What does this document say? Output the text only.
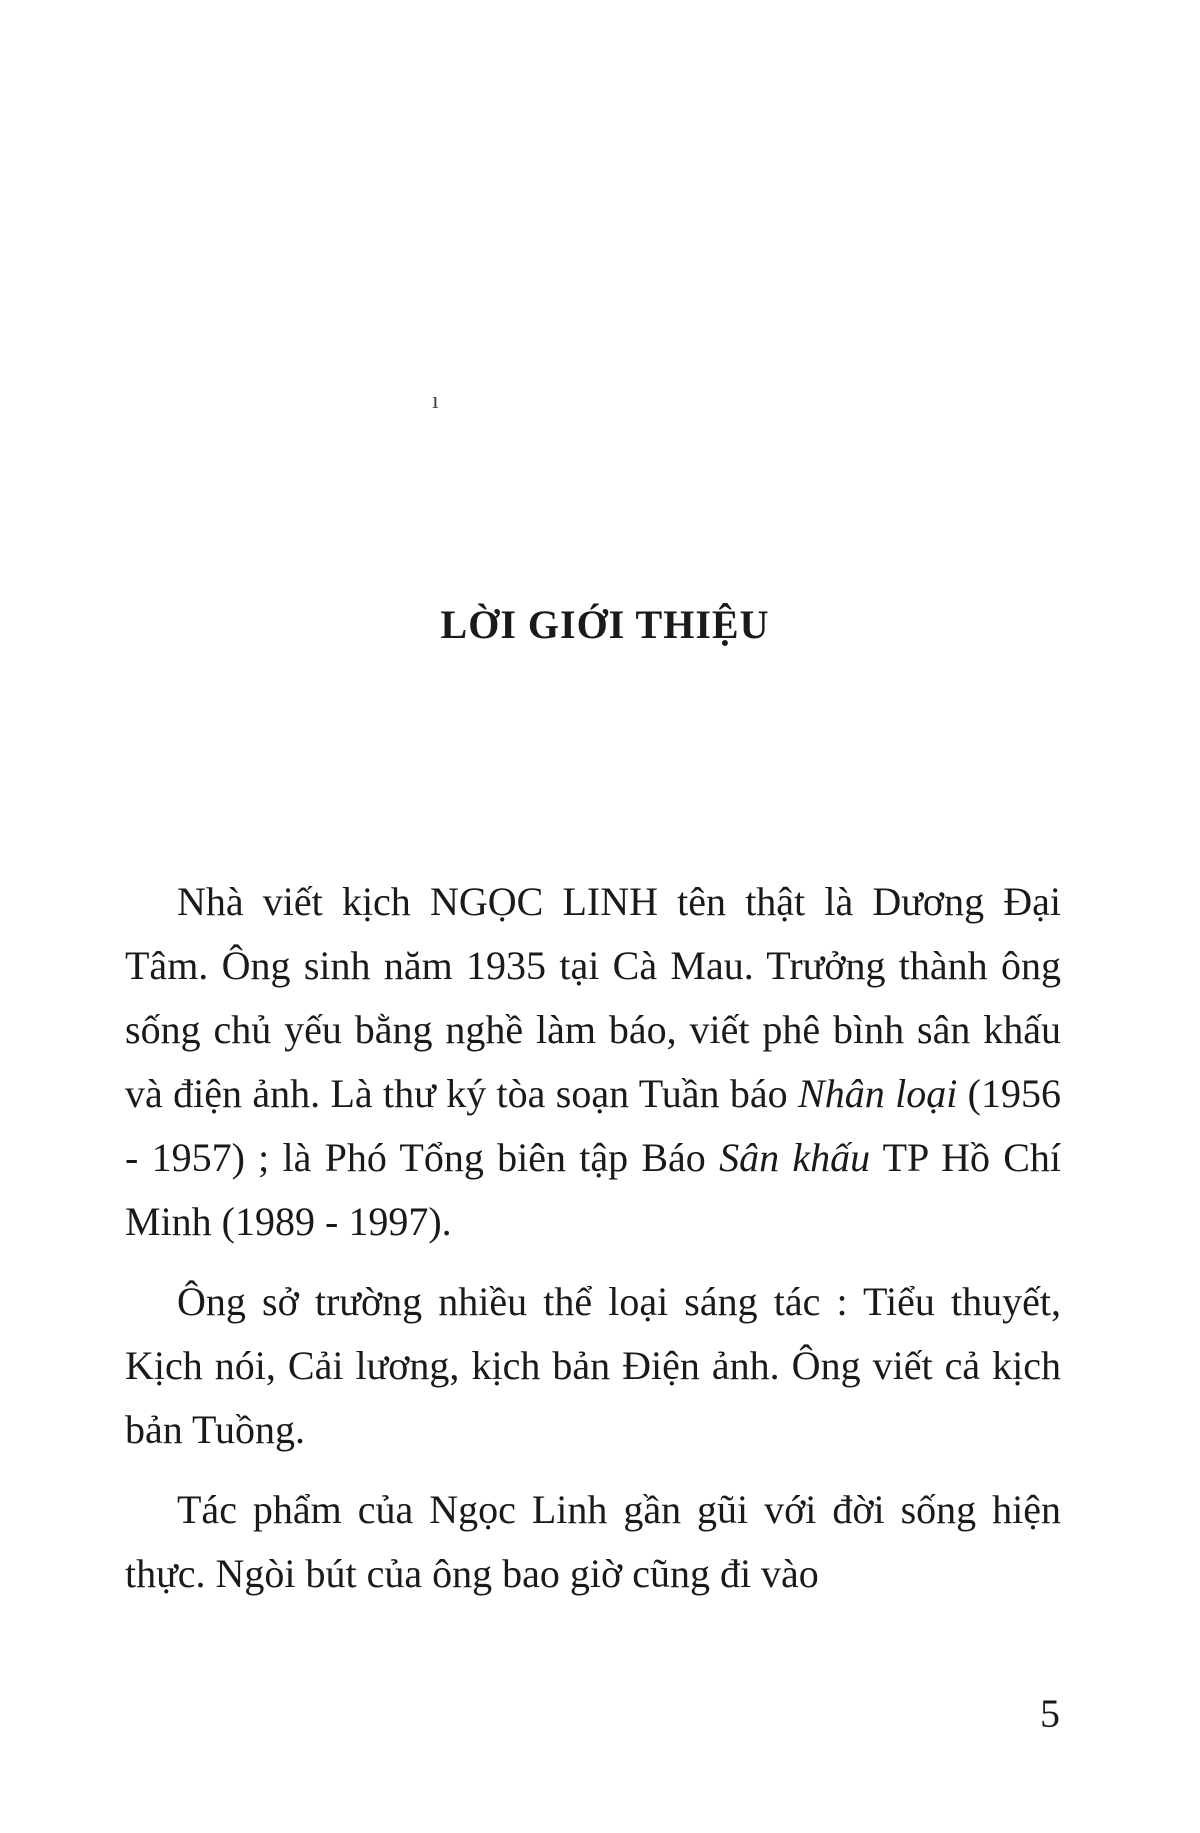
ı
LỜI GIỚI THIỆU

Nhà viết kịch NGỌC LINH tên thật là Dương Đại Tâm. Ông sinh năm 1935 tại Cà Mau. Trưởng thành ông sống chủ yếu bằng nghề làm báo, viết phê bình sân khấu và điện ảnh. Là thư ký tòa soạn Tuần báo Nhân loại (1956 - 1957) ; là Phó Tổng biên tập Báo Sân khấu TP Hồ Chí Minh (1989 - 1997).

Ông sở trường nhiều thể loại sáng tác : Tiểu thuyết, Kịch nói, Cải lương, kịch bản Điện ảnh. Ông viết cả kịch bản Tuồng.

Tác phẩm của Ngọc Linh gần gũi với đời sống hiện thực. Ngòi bút của ông bao giờ cũng đi vào

5
